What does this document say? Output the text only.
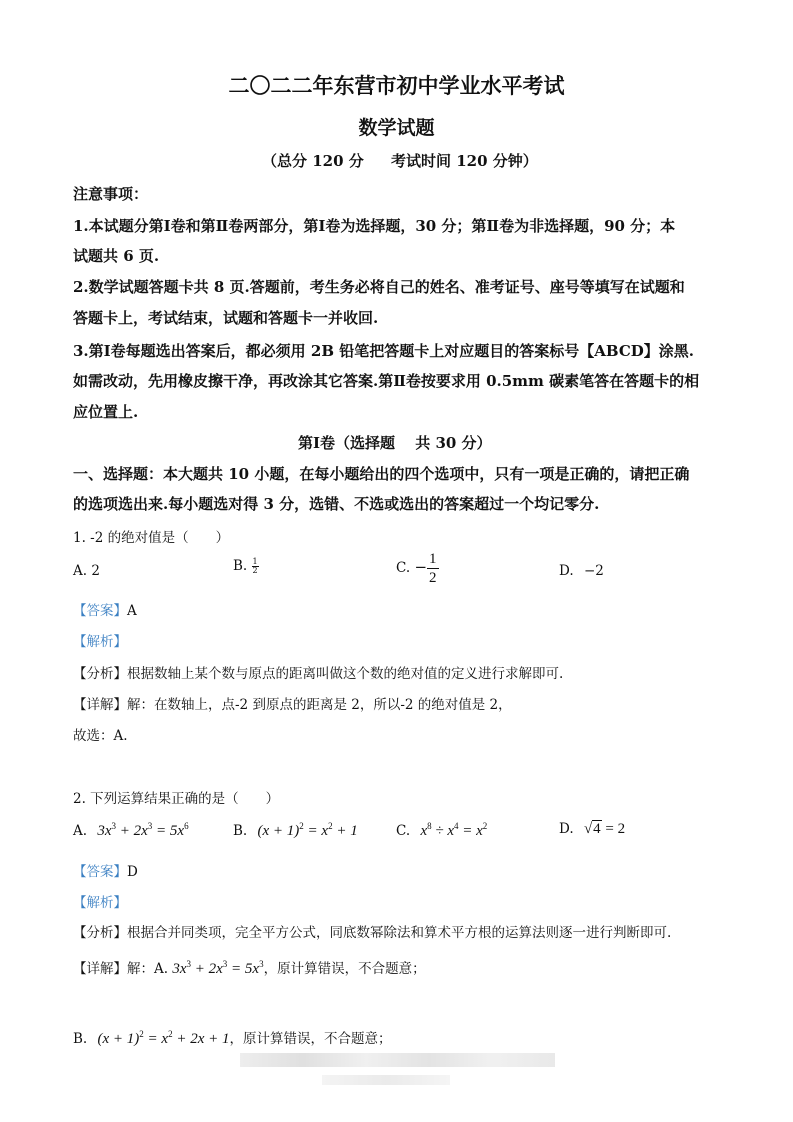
二〇二二年东营市初中学业水平考试
数学试题
（总分 120 分 考试时间 120 分钟）
注意事项：
1.本试题分第Ⅰ卷和第Ⅱ卷两部分，第Ⅰ卷为选择题，30 分；第Ⅱ卷为非选择题，90 分；本
试题共 6 页.
2.数学试题答题卡共 8 页.答题前，考生务必将自己的姓名、准考证号、座号等填写在试题和
答题卡上，考试结束，试题和答题卡一并收回.
3.第Ⅰ卷每题选出答案后，都必须用 2B 铅笔把答题卡上对应题目的答案标号【ABCD】涂黑.
如需改动，先用橡皮擦干净，再改涂其它答案.第Ⅱ卷按要求用 0.5mm 碳素笔答在答题卡的相
应位置上.
第Ⅰ卷（选择题　 共 30 分）
一、选择题：本大题共 10 小题，在每小题给出的四个选项中，只有一项是正确的，请把正确
的选项选出来.每小题选对得 3 分，选错、不选或选出的答案超过一个均记零分.
1. -2 的绝对值是（　　）
A. 2	B. $\frac{1}{2}$	C. − $\frac{1}{2}$	D. −2
【答案】A
【解析】
【分析】根据数轴上某个数与原点的距离叫做这个数的绝对值的定义进行求解即可.
【详解】解：在数轴上，点-2 到原点的距离是 2，所以-2 的绝对值是 2，
故选：A.
2. 下列运算结果正确的是（　　）
A. $3x^3 + 2x^3 = 5x^6$	B. $(x + 1)^2 = x^2 + 1$	C. $x^8 \div x^4 = x^2$	D. √4 = 2
【答案】D
【解析】
【分析】根据合并同类项，完全平方公式，同底数幂除法和算术平方根的运算法则逐一进行判断即可.
【详解】解：A. $3x^3 + 2x^3 = 5x^3$，原计算错误，不合题意；
B. $(x + 1)^2 = x^2 + 2x + 1$，原计算错误，不合题意；
